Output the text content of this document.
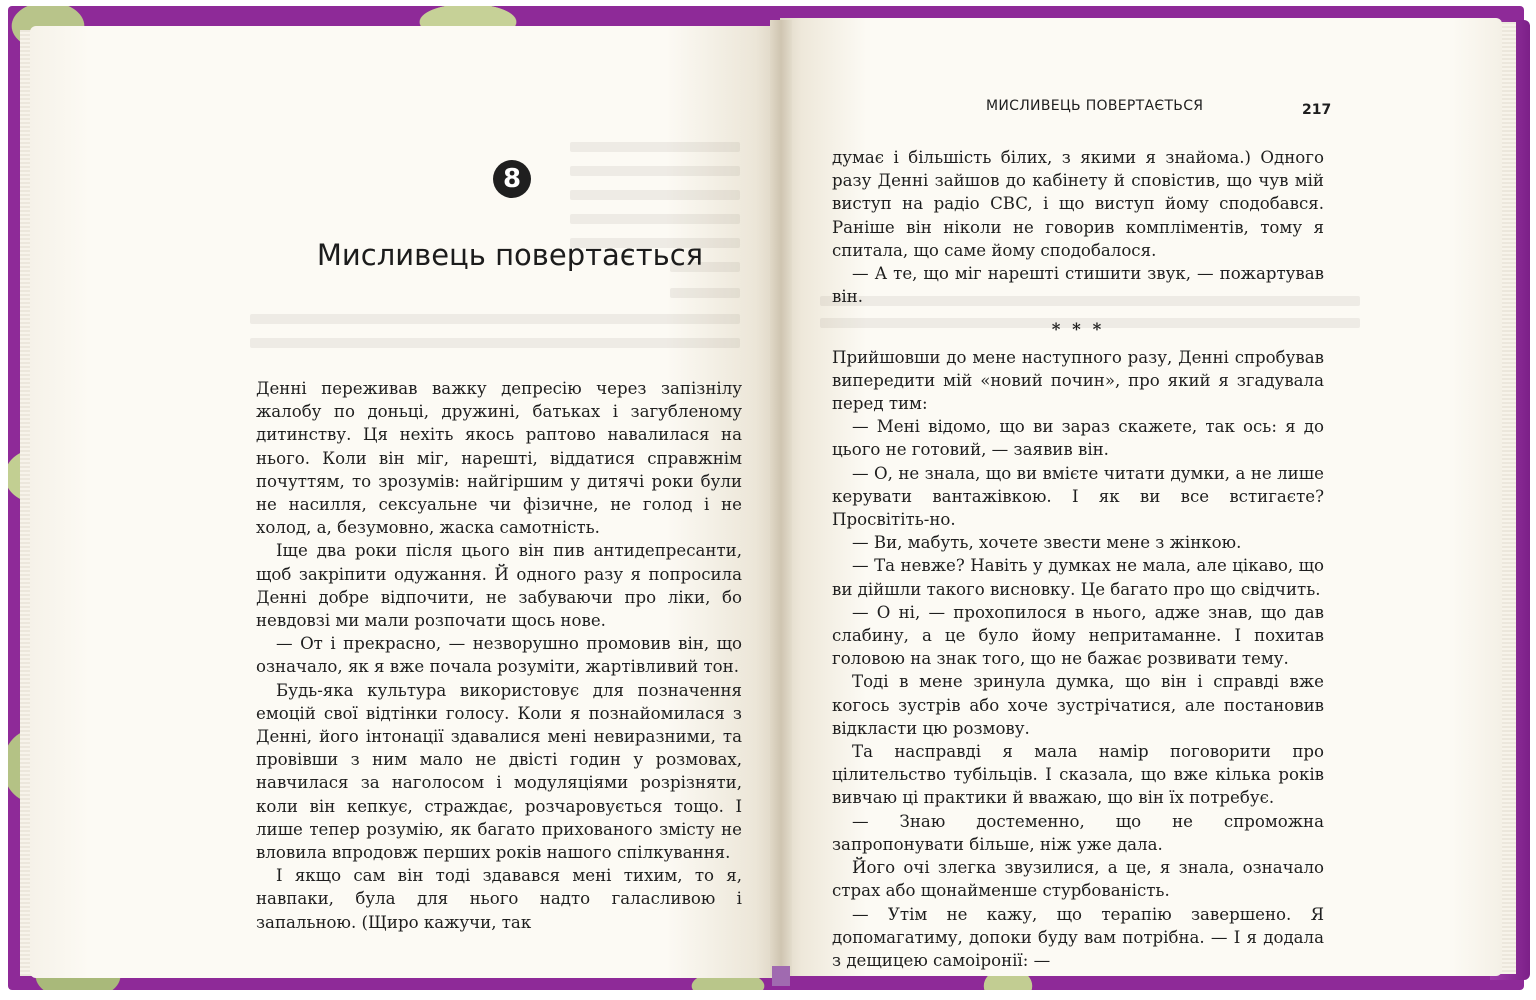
8
Мисливець повертається

Денні переживав важку депресію через запізнілу жалобу по доньці, дружині, батьках і загубленому дитинству. Ця нехіть якось раптово навалилася на нього. Коли він міг, нарешті, віддатися справжнім почуттям, то зрозумів: найгіршим у дитячі роки були не насилля, сексуальне чи фізичне, не голод і не холод, а, безумовно, жаска самотність.

Іще два роки після цього він пив антидепресанти, щоб закріпити одужання. Й одного разу я попросила Денні добре відпочити, не забуваючи про ліки, бо невдовзі ми мали розпочати щось нове.

— От і прекрасно, — незворушно промовив він, що означало, як я вже почала розуміти, жартівливий тон.

Будь-яка культура використовує для позначення емоцій свої відтінки голосу. Коли я познайомилася з Денні, його інтонації здавалися мені невиразними, та провівши з ним мало не двісті годин у розмовах, навчилася за наголосом і модуляціями розрізняти, коли він кепкує, страждає, розчаровується тощо. І лише тепер розумію, як багато прихованого змісту не вловила впродовж перших років нашого спілкування.

І якщо сам він тоді здавався мені тихим, то я, навпаки, була для нього надто галасливою і запальною. (Щиро кажучи, так

МИСЛИВЕЦЬ ПОВЕРТАЄТЬСЯ	217

думає і більшість білих, з якими я знайома.) Одного разу Денні зайшов до кабінету й сповістив, що чув мій виступ на радіо CBC, і що виступ йому сподобався. Раніше він ніколи не говорив компліментів, тому я спитала, що саме йому сподобалося.

— А те, що міг нарешті стишити звук, — пожартував він.

* * *

Прийшовши до мене наступного разу, Денні спробував випередити мій «новий почин», про який я згадувала перед тим:

— Мені відомо, що ви зараз скажете, так ось: я до цього не готовий, — заявив він.

— О, не знала, що ви вмієте читати думки, а не лише керувати вантажівкою. І як ви все встигаєте? Просвітіть-но.

— Ви, мабуть, хочете звести мене з жінкою.

— Та невже? Навіть у думках не мала, але цікаво, що ви дійшли такого висновку. Це багато про що свідчить.

— О ні, — прохопилося в нього, адже знав, що дав слабину, а це було йому непритаманне. І похитав головою на знак того, що не бажає розвивати тему.

Тоді в мене зринула думка, що він і справді вже когось зустрів або хоче зустрічатися, але постановив відкласти цю розмову.

Та насправді я мала намір поговорити про цілительство тубільців. І сказала, що вже кілька років вивчаю ці практики й вважаю, що він їх потребує.

— Знаю достеменно, що не спроможна запропонувати більше, ніж уже дала.

Його очі злегка звузилися, а це, я знала, означало страх або щонайменше стурбованість.

— Утім не кажу, що терапію завершено. Я допомагатиму, допоки буду вам потрібна. — І я додала з дещицею самоіронії: —
